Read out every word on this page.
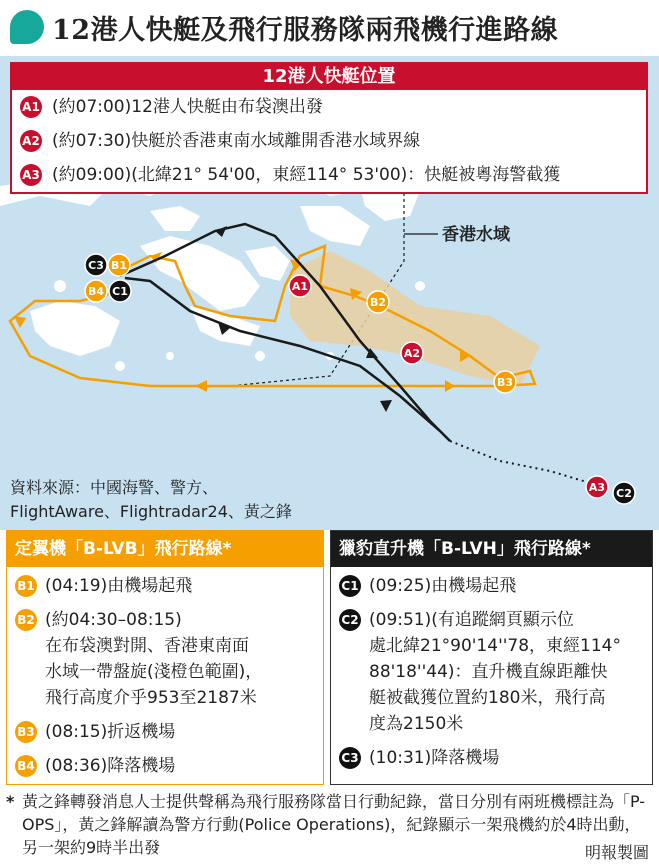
12港人快艇及飛行服務隊兩飛機行進路線
香港水域
C3 B1
B4 C1	A1
B2
A2
B3
A3 C2
12港人快艇位置
A1 (約07:00)12港人快艇由布袋澳出發
A2 (約07:30)快艇於香港東南水域離開香港水域界線
A3 (約09:00)(北緯21° 54'00，東經114° 53'00)：快艇被粵海警截獲
資料來源：中國海警、警方、
FlightAware、Flightradar24、黃之鋒
定翼機「B-LVB」飛行路線*
B1 (04:19)由機場起飛
B2 (約04:30–08:15)
在布袋澳對開、香港東南面
水域一帶盤旋(淺橙色範圍)，
飛行高度介乎953至2187米
B3 (08:15)折返機場
B4 (08:36)降落機場
獵豹直升機「B-LVH」飛行路線*
C1 (09:25)由機場起飛
C2 (09:51)(有追蹤網頁顯示位
處北緯21°90'14''78，東經114°
88'18''44)：直升機直線距離快
艇被截獲位置約180米，飛行高
度為2150米
C3 (10:31)降落機場
* 黃之鋒轉發消息人士提供聲稱為飛行服務隊當日行動紀錄，當日分別有兩班機標註為「P-OPS」，黃之鋒解讀為警方行動(Police Operations)，紀錄顯示一架飛機約於4時出動，另一架約9時半出發	明報製圖
